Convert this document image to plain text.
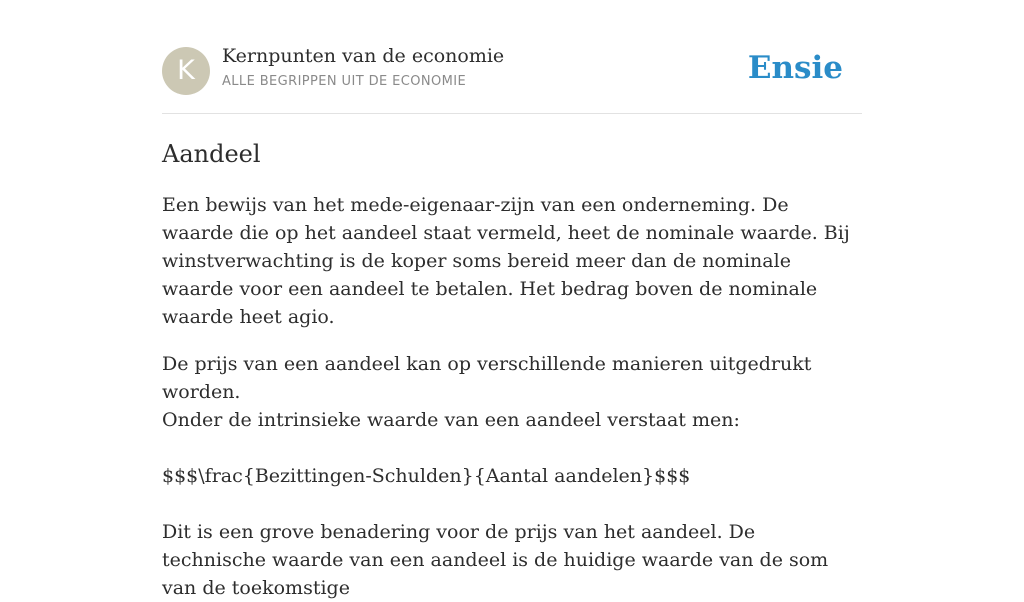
K	Kernpunten van de economie
ALLE BEGRIPPEN UIT DE ECONOMIE	Ensie
Aandeel

Een bewijs van het mede-eigenaar-zijn van een onderneming. De waarde die op het aandeel staat vermeld, heet de nominale waarde. Bij winstverwachting is de koper soms bereid meer dan de nominale waarde voor een aandeel te betalen. Het bedrag boven de nominale waarde heet agio.

De prijs van een aandeel kan op verschillende manieren uitgedrukt worden.
Onder de intrinsieke waarde van een aandeel verstaat men:

$$$\frac{Bezittingen-Schulden}{Aantal aandelen}$$$

Dit is een grove benadering voor de prijs van het aandeel. De technische waarde van een aandeel is de huidige waarde van de som van de toekomstige
